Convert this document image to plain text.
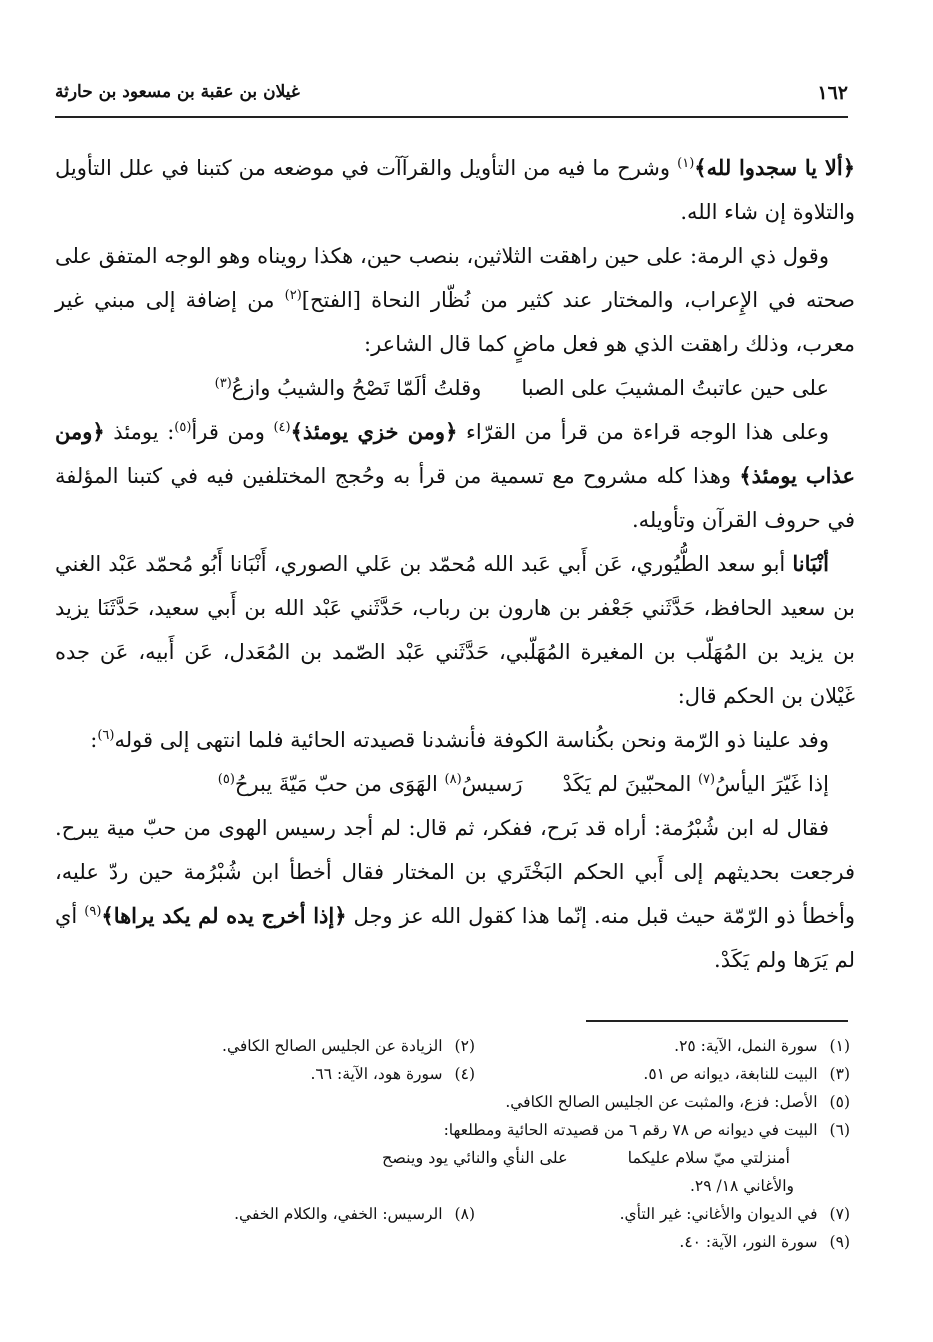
١٦٢
غيلان بن عقبة بن مسعود بن حارثة

﴿ألا يا سجدوا لله﴾$^{(١)}$ وشرح ما فيه من التأويل والقرآآت في موضعه من كتبنا في علل التأويل والتلاوة إن شاء الله.

وقول ذي الرمة: على حين راهقت الثلاثين، بنصب حين، هكذا رويناه وهو الوجه المتفق على صحته في الإِعراب، والمختار عند كثير من نُظّار النحاة [الفتح]$^{(٢)}$ من إضافة إلى مبني غير معرب، وذلك راهقت الذي هو فعل ماضٍ كما قال الشاعر:

على حين عاتبتُ المشيبَ على الصبا
وقلتُ ألَمّا تَصْحُ والشيبُ وازعُ$^{(٣)}$

وعلى هذا الوجه قراءة من قرأ من القرّاء ﴿ومن خزي يومئذ﴾$^{(٤)}$ ومن قرأ$^{(٥)}$: يومئذ ﴿ومن عذاب يومئذ﴾ وهذا كله مشروح مع تسمية من قرأ به وحُجج المختلفين فيه في كتبنا المؤلفة في حروف القرآن وتأويله.

أنْبَانا أبو سعد الطُّيُوري، عَن أَبي عَبد الله مُحمّد بن عَلي الصوري، أَنْبَانا أَبُو مُحمّد عَبْد الغني بن سعيد الحافظ، حَدَّثَني جَعْفر بن هارون بن رباب، حَدَّثَني عَبْد الله بن أَبي سعيد، حَدَّثَنَا يزيد بن يزيد بن المُهَلّب بن المغيرة المُهَلّبي، حَدَّثَني عَبْد الصّمد بن المُعَدل، عَن أَبيه، عَن جده غَيْلان بن الحكم قال:

وفد علينا ذو الرّمة ونحن بكُناسة الكوفة فأنشدنا قصيدته الحائية فلما انتهى إلى قوله$^{(٦)}$:

إذا غَيّرَ اليأسُ$^{(٧)}$ المحبّينَ لم يَكَدْ
رَسيسُ$^{(٨)}$ الهَوَى من حبّ مَيّةَ يبرحُ$^{(٥)}$

فقال له ابن شُبْرُمة: أراه قد بَرح، ففكر، ثم قال: لم أجد رسيس الهوى من حبّ مية يبرح. فرجعت بحديثهم إلى أَبي الحكم البَخْتَري بن المختار فقال أخطأ ابن شُبْرُمة حين ردّ عليه، وأخطأ ذو الرّمّة حيث قبل منه. إنّما هذا كقول الله عز وجل ﴿إذا أخرج يده لم يكد يراها﴾$^{(٩)}$ أي لم يَرَها ولم يَكَدْ.

(١)
سورة النمل، الآية: ٢٥.
(٢)
الزيادة عن الجليس الصالح الكافي.
(٣)
البيت للنابغة، ديوانه ص ٥١.
(٤)
سورة هود، الآية: ٦٦.
(٥)
الأصل: فزع، والمثبت عن الجليس الصالح الكافي.
(٦)
البيت في ديوانه ص ٧٨ رقم ٦ من قصيدته الحائية ومطلعها:
أمنزلتي ميّ سلام عليكما
على النأي والنائي يود وينصح
والأغاني ١٨/ ٢٩.
(٧)
في الديوان والأغاني: غير التأي.
(٨)
الرسيس: الخفي، والكلام الخفي.
(٩)
سورة النور، الآية: ٤٠.
